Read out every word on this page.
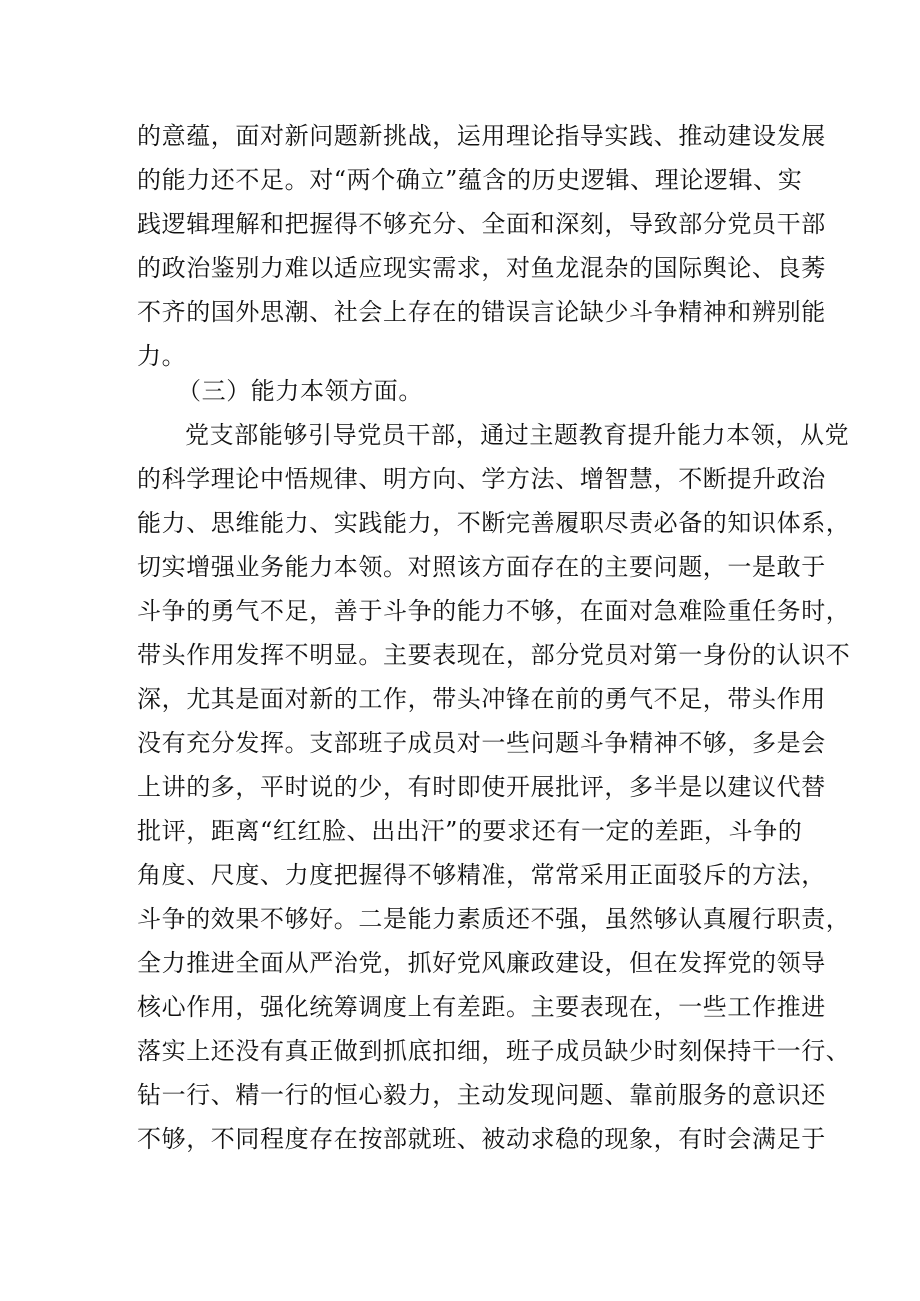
的意蕴，面对新问题新挑战，运用理论指导实践、推动建设发展
的能力还不足。对“两个确立”蕴含的历史逻辑、理论逻辑、实
践逻辑理解和把握得不够充分、全面和深刻，导致部分党员干部
的政治鉴别力难以适应现实需求，对鱼龙混杂的国际舆论、良莠
不齐的国外思潮、社会上存在的错误言论缺少斗争精神和辨别能
力。
（三）能力本领方面。
党支部能够引导党员干部，通过主题教育提升能力本领，从党
的科学理论中悟规律、明方向、学方法、增智慧，不断提升政治
能力、思维能力、实践能力，不断完善履职尽责必备的知识体系，
切实增强业务能力本领。对照该方面存在的主要问题，一是敢于
斗争的勇气不足，善于斗争的能力不够，在面对急难险重任务时，
带头作用发挥不明显。主要表现在，部分党员对第一身份的认识不
深，尤其是面对新的工作，带头冲锋在前的勇气不足，带头作用
没有充分发挥。支部班子成员对一些问题斗争精神不够，多是会
上讲的多，平时说的少，有时即使开展批评，多半是以建议代替
批评，距离“红红脸、出出汗”的要求还有一定的差距，斗争的
角度、尺度、力度把握得不够精准，常常采用正面驳斥的方法，
斗争的效果不够好。二是能力素质还不强，虽然够认真履行职责，
全力推进全面从严治党，抓好党风廉政建设，但在发挥党的领导
核心作用，强化统筹调度上有差距。主要表现在，一些工作推进
落实上还没有真正做到抓底扣细，班子成员缺少时刻保持干一行、
钻一行、精一行的恒心毅力，主动发现问题、靠前服务的意识还
不够，不同程度存在按部就班、被动求稳的现象，有时会满足于
